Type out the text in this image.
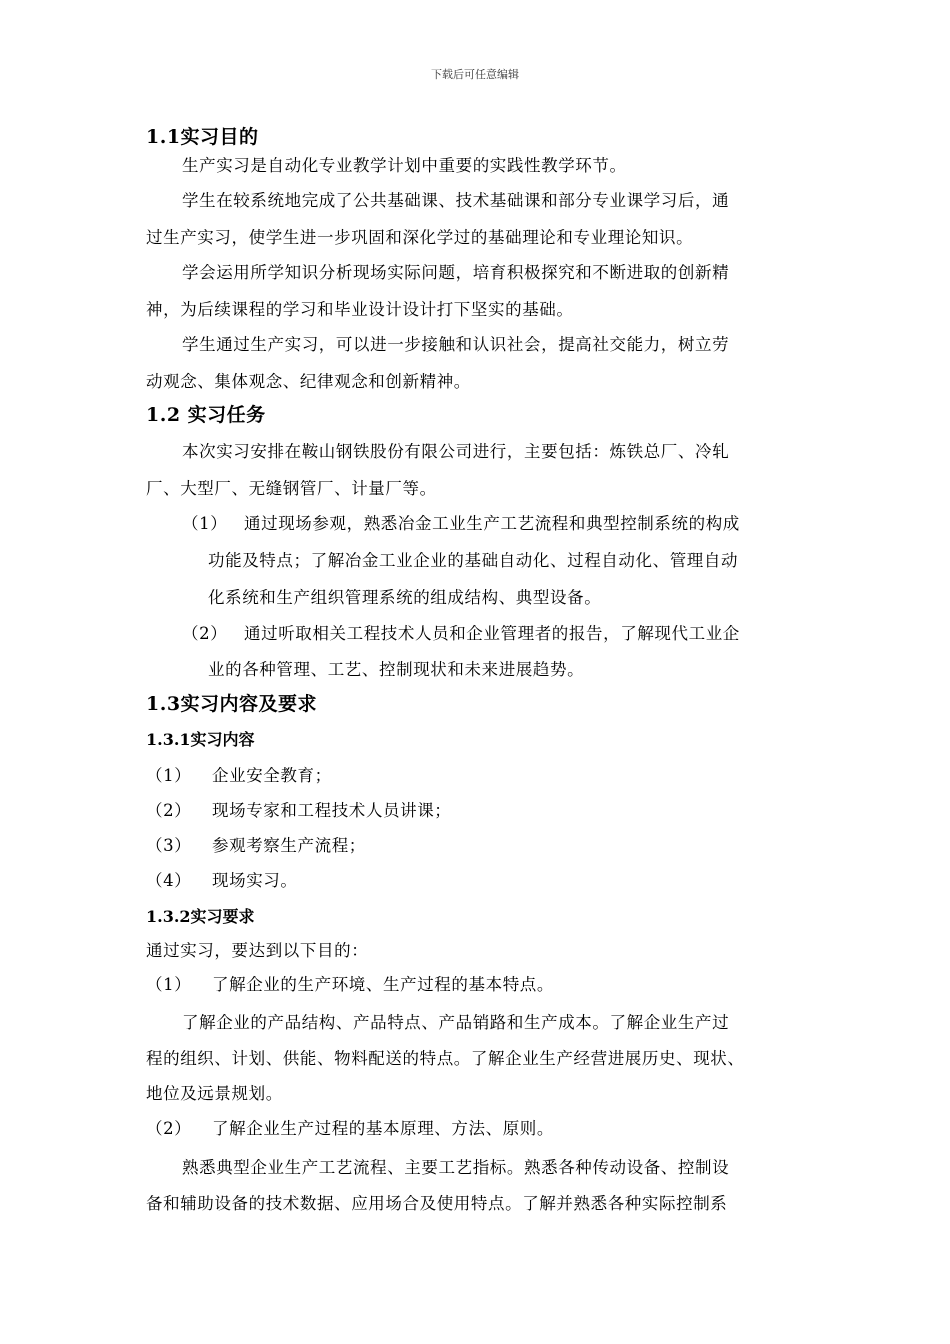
下载后可任意编辑
1.1实习目的
生产实习是自动化专业教学计划中重要的实践性教学环节。
学生在较系统地完成了公共基础课、技术基础课和部分专业课学习后，通
过生产实习，使学生进一步巩固和深化学过的基础理论和专业理论知识。
学会运用所学知识分析现场实际问题，培育积极探究和不断进取的创新精
神，为后续课程的学习和毕业设计设计打下坚实的基础。
学生通过生产实习，可以进一步接触和认识社会，提高社交能力，树立劳
动观念、集体观念、纪律观念和创新精神。
1.2 实习任务
本次实习安排在鞍山钢铁股份有限公司进行，主要包括：炼铁总厂、冷轧
厂、大型厂、无缝钢管厂、计量厂等。
（1） 通过现场参观，熟悉冶金工业生产工艺流程和典型控制系统的构成
功能及特点；了解冶金工业企业的基础自动化、过程自动化、管理自动
化系统和生产组织管理系统的组成结构、典型设备。
（2） 通过听取相关工程技术人员和企业管理者的报告，了解现代工业企
业的各种管理、工艺、控制现状和未来进展趋势。
1.3实习内容及要求
1.3.1实习内容
（1） 企业安全教育；
（2） 现场专家和工程技术人员讲课；
（3） 参观考察生产流程；
（4） 现场实习。
1.3.2实习要求
通过实习，要达到以下目的：
（1） 了解企业的生产环境、生产过程的基本特点。
了解企业的产品结构、产品特点、产品销路和生产成本。了解企业生产过
程的组织、计划、供能、物料配送的特点。了解企业生产经营进展历史、现状、
地位及远景规划。
（2） 了解企业生产过程的基本原理、方法、原则。
熟悉典型企业生产工艺流程、主要工艺指标。熟悉各种传动设备、控制设
备和辅助设备的技术数据、应用场合及使用特点。了解并熟悉各种实际控制系
